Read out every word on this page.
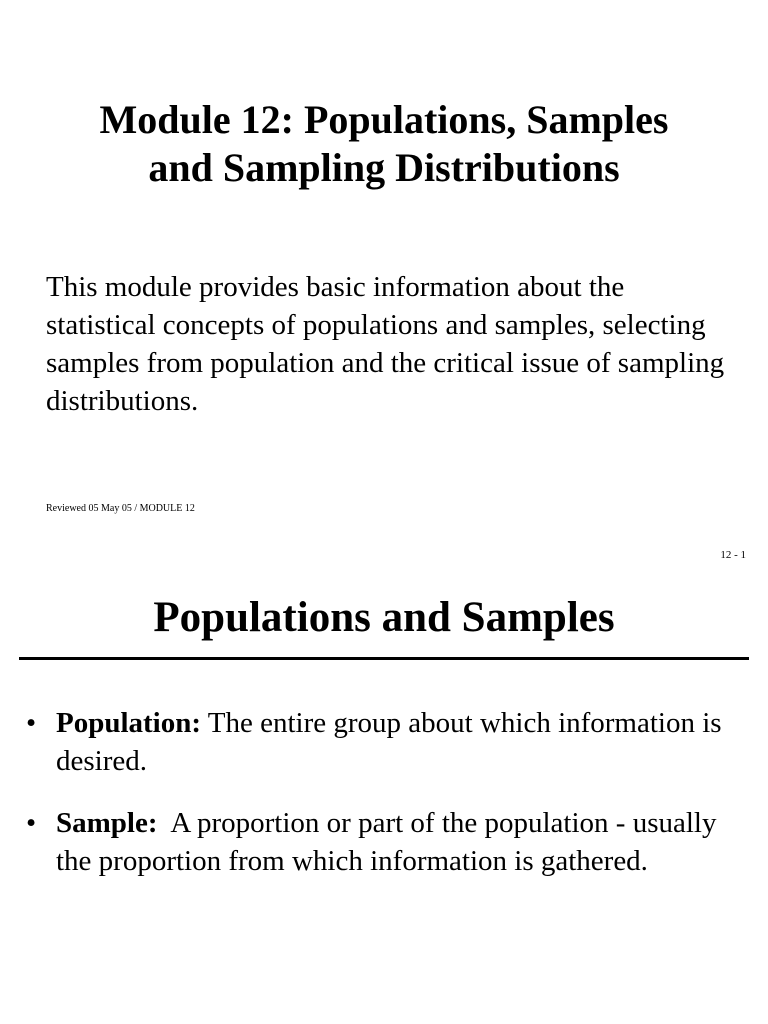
Module 12: Populations, Samples
and Sampling Distributions

This module provides basic information about the statistical concepts of populations and samples, selecting samples from population and the critical issue of sampling distributions.

Reviewed 05 May 05 / MODULE 12
12 - 1
Populations and Samples
• Population: The entire group about which information is desired.
• Sample:  A proportion or part of the population - usually the proportion from which information is gathered.
